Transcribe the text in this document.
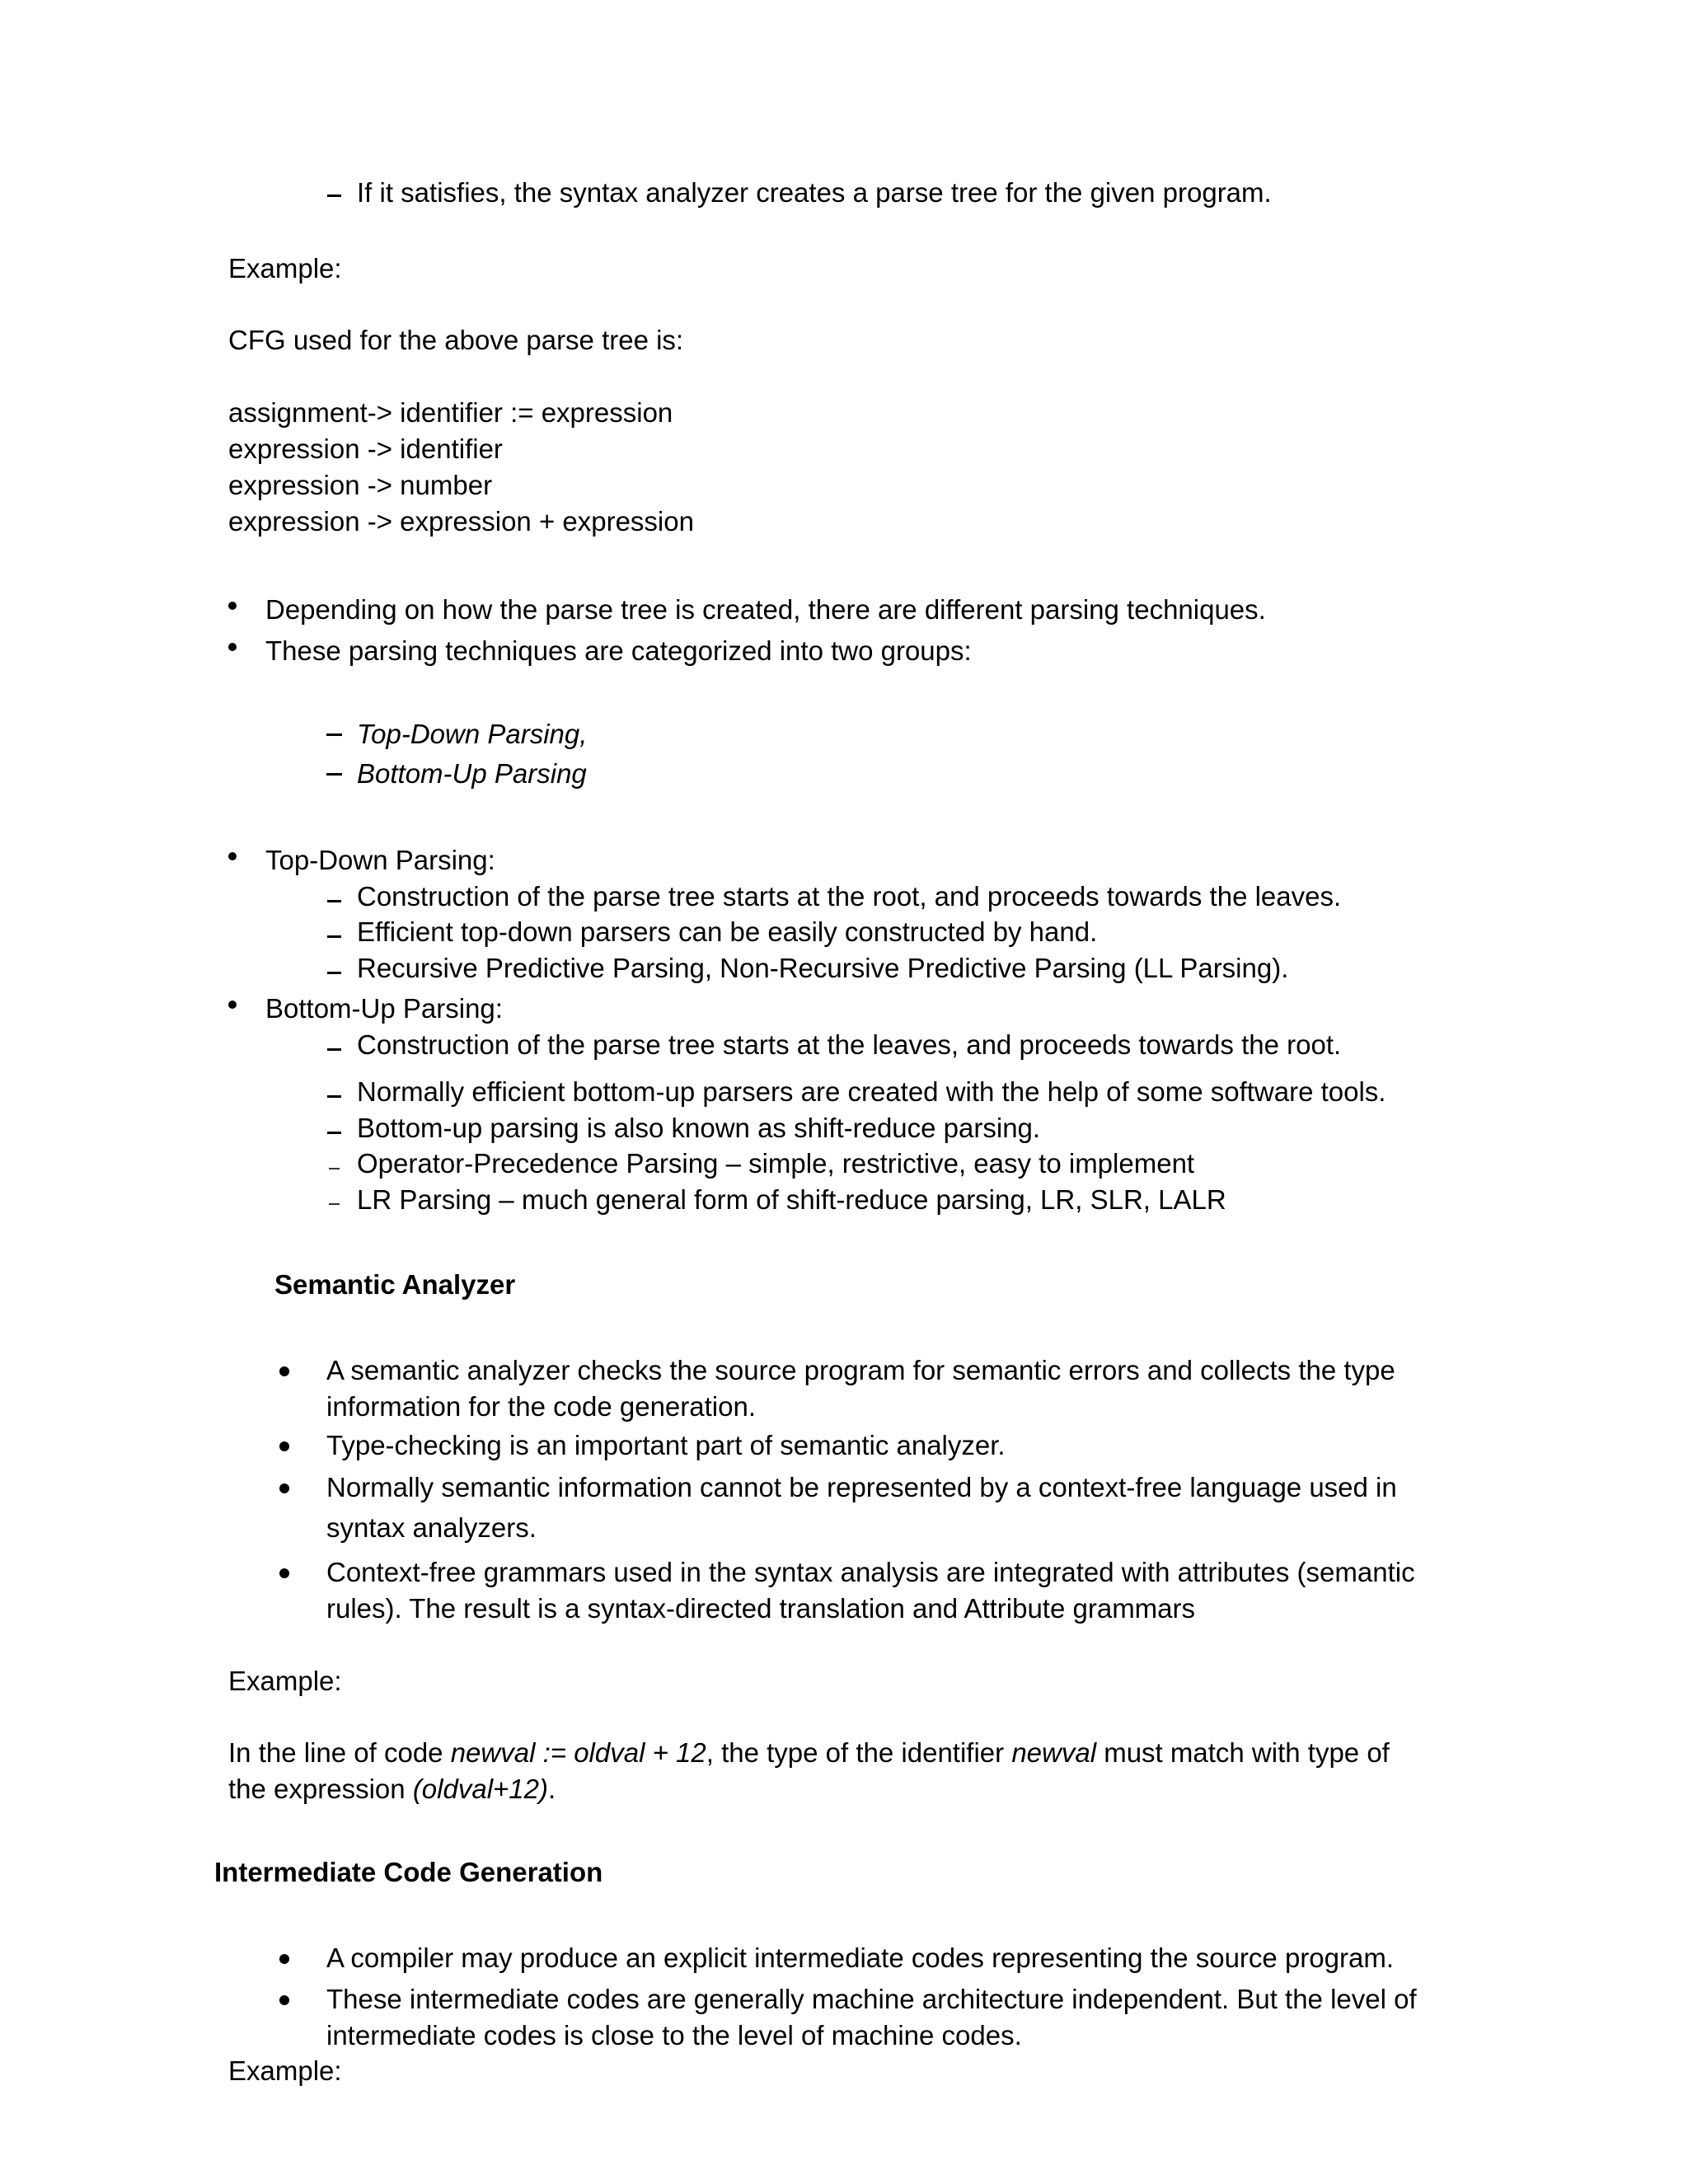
If it satisfies, the syntax analyzer creates a parse tree for the given program.
Example:
CFG used for the above parse tree is:
assignment-> identifier := expression
expression -> identifier
expression -> number
expression -> expression + expression
Depending on how the parse tree is created, there are different parsing techniques.
These parsing techniques are categorized into two groups:
Top-Down Parsing,
Bottom-Up Parsing
Top-Down Parsing:
Construction of the parse tree starts at the root, and proceeds towards the leaves.
Efficient top-down parsers can be easily constructed by hand.
Recursive Predictive Parsing, Non-Recursive Predictive Parsing (LL Parsing).
Bottom-Up Parsing:
Construction of the parse tree starts at the leaves, and proceeds towards the root.
Normally efficient bottom-up parsers are created with the help of some software tools.
Bottom-up parsing is also known as shift-reduce parsing.
Operator-Precedence Parsing – simple, restrictive, easy to implement
LR Parsing – much general form of shift-reduce parsing, LR, SLR, LALR
Semantic Analyzer
A semantic analyzer checks the source program for semantic errors and collects the type
information for the code generation.
Type-checking is an important part of semantic analyzer.
Normally semantic information cannot be represented by a context-free language used in
syntax analyzers.
Context-free grammars used in the syntax analysis are integrated with attributes (semantic
rules). The result is a syntax-directed translation and Attribute grammars
Example:
In the line of code newval := oldval + 12, the type of the identifier newval must match with type of
the expression (oldval+12).
Intermediate Code Generation
A compiler may produce an explicit intermediate codes representing the source program.
These intermediate codes are generally machine architecture independent. But the level of
intermediate codes is close to the level of machine codes.
Example:
